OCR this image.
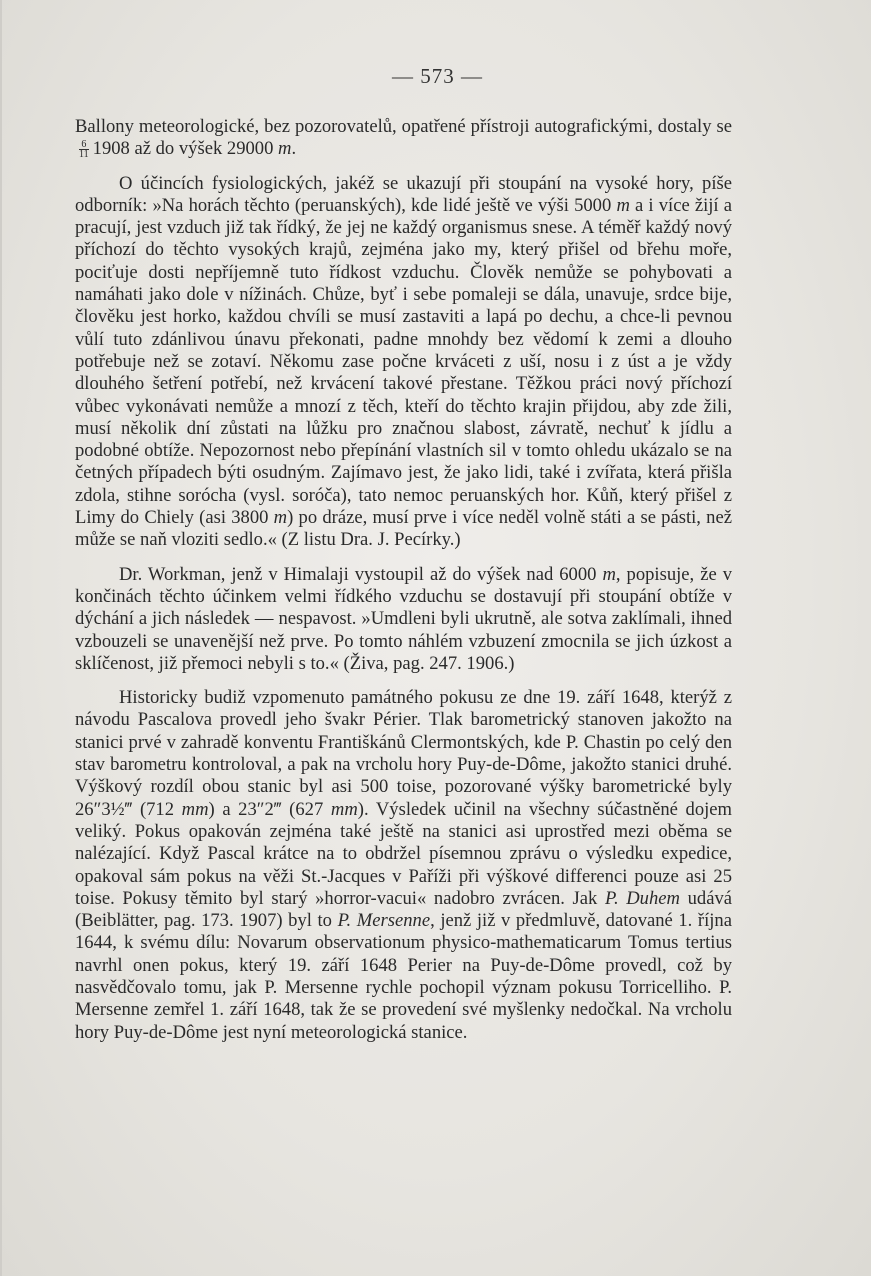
— 573 —

Ballony meteorologické, bez pozorovatelů, opatřené přístroji autografickými, dostaly se
$\frac{6}{11} 1908$ až do výšek 29000 m.

O účincích fysiologických, jakéž se ukazují při stoupání na vysoké hory, píše odborník: »Na horách těchto (peruanských), kde lidé ještě ve výši 5000 m a i více žijí a pracují, jest vzduch již tak řídký, že jej ne každý organismus snese. A téměř každý nový příchozí do těchto vysokých krajů, zejména jako my, který přišel od břehu moře, pociťuje dosti nepříjemně tuto řídkost vzduchu. Člověk nemůže se pohybovati a namáhati jako dole v nížinách. Chůze, byť i sebe pomaleji se dála, unavuje, srdce bije, člověku jest horko, každou chvíli se musí zastaviti a lapá po dechu, a chce-li pevnou vůlí tuto zdánlivou únavu překonati, padne mnohdy bez vědomí k zemi a dlouho potřebuje než se zotaví. Někomu zase počne krváceti z uší, nosu i z úst a je vždy dlouhého šetření potřebí, než krvácení takové přestane. Těžkou práci nový příchozí vůbec vykonávati nemůže a mnozí z těch, kteří do těchto krajin přijdou, aby zde žili, musí několik dní zůstati na lůžku pro značnou slabost, závratě, nechuť k jídlu a podobné obtíže. Nepozornost nebo přepínání vlastních sil v tomto ohledu ukázalo se na četných případech býti osudným. Zajímavo jest, že jako lidi, také i zvířata, která přišla zdola, stihne sorócha (vysl. soróča), tato nemoc peruanských hor. Kůň, který přišel z Limy do Chiely (asi 3800 m) po dráze, musí prve i více neděl volně státi a se pásti, než může se naň vloziti sedlo.« (Z listu Dra. J. Pecírky.)

Dr. Workman, jenž v Himalaji vystoupil až do výšek nad 6000 m, popisuje, že v končinách těchto účinkem velmi řídkého vzduchu se dostavují při stoupání obtíže v dýchání a jich následek — nespavost. »Umdleni byli ukrutně, ale sotva zaklímali, ihned vzbouzeli se unavenější než prve. Po tomto náhlém vzbuzení zmocnila se jich úzkost a sklíčenost, již přemoci nebyli s to.« (Živa, pag. 247. 1906.)

Historicky budiž vzpomenuto památného pokusu ze dne 19. září 1648, kterýž z návodu Pascalova provedl jeho švakr Périer. Tlak barometrický stanoven jakožto na stanici prvé v zahradě konventu Františkánů Clermontských, kde P. Chastin po celý den stav barometru kontroloval, a pak na vrcholu hory Puy-de-Dôme, jakožto stanici druhé. Výškový rozdíl obou stanic byl asi 500 toise, pozorované výšky barometrické byly 26″3½‴ (712 mm) a 23″2‴ (627 mm). Výsledek učinil na všechny súčastněné dojem veliký. Pokus opakován zejména také ještě na stanici asi uprostřed mezi oběma se nalézající. Když Pascal krátce na to obdržel písemnou zprávu o výsledku expedice, opakoval sám pokus na věži St.-Jacques v Paříži při výškové differenci pouze asi 25 toise. Pokusy těmito byl starý »horror-vacui« nadobro zvrácen. Jak P. Duhem udává (Beiblätter, pag. 173. 1907) byl to P. Mersenne, jenž již v předmluvě, datované 1. října 1644, k svému dílu: Novarum observationum physico-mathematicarum Tomus tertius navrhl onen pokus, který 19. září 1648 Perier na Puy-de-Dôme provedl, což by nasvědčovalo tomu, jak P. Mersenne rychle pochopil význam pokusu Torricelliho. P. Mersenne zemřel 1. září 1648, tak že se provedení své myšlenky nedočkal. Na vrcholu hory Puy-de-Dôme jest nyní meteorologická stanice.
